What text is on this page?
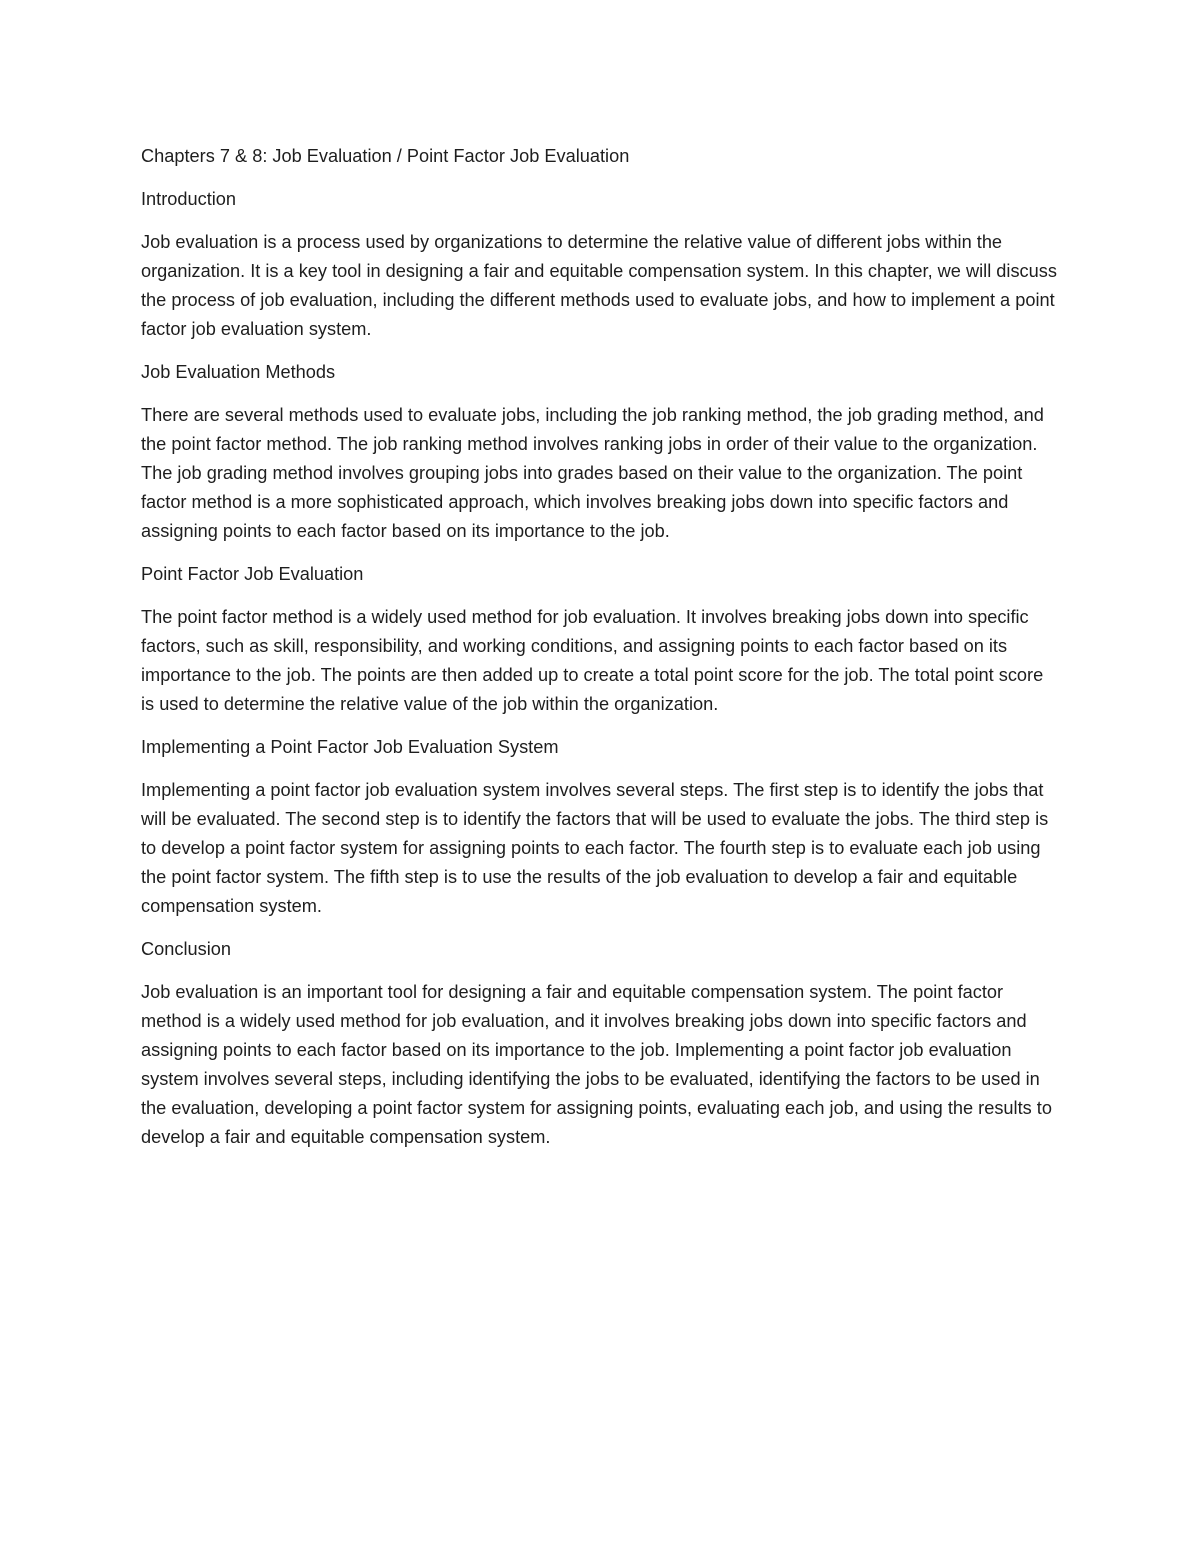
Chapters 7 & 8: Job Evaluation / Point Factor Job Evaluation

Introduction

Job evaluation is a process used by organizations to determine the relative value of different jobs within the organization. It is a key tool in designing a fair and equitable compensation system. In this chapter, we will discuss the process of job evaluation, including the different methods used to evaluate jobs, and how to implement a point factor job evaluation system.

Job Evaluation Methods

There are several methods used to evaluate jobs, including the job ranking method, the job grading method, and the point factor method. The job ranking method involves ranking jobs in order of their value to the organization. The job grading method involves grouping jobs into grades based on their value to the organization. The point factor method is a more sophisticated approach, which involves breaking jobs down into specific factors and assigning points to each factor based on its importance to the job.

Point Factor Job Evaluation

The point factor method is a widely used method for job evaluation. It involves breaking jobs down into specific factors, such as skill, responsibility, and working conditions, and assigning points to each factor based on its importance to the job. The points are then added up to create a total point score for the job. The total point score is used to determine the relative value of the job within the organization.

Implementing a Point Factor Job Evaluation System

Implementing a point factor job evaluation system involves several steps. The first step is to identify the jobs that will be evaluated. The second step is to identify the factors that will be used to evaluate the jobs. The third step is to develop a point factor system for assigning points to each factor. The fourth step is to evaluate each job using the point factor system. The fifth step is to use the results of the job evaluation to develop a fair and equitable compensation system.

Conclusion

Job evaluation is an important tool for designing a fair and equitable compensation system. The point factor method is a widely used method for job evaluation, and it involves breaking jobs down into specific factors and assigning points to each factor based on its importance to the job. Implementing a point factor job evaluation system involves several steps, including identifying the jobs to be evaluated, identifying the factors to be used in the evaluation, developing a point factor system for assigning points, evaluating each job, and using the results to develop a fair and equitable compensation system.
